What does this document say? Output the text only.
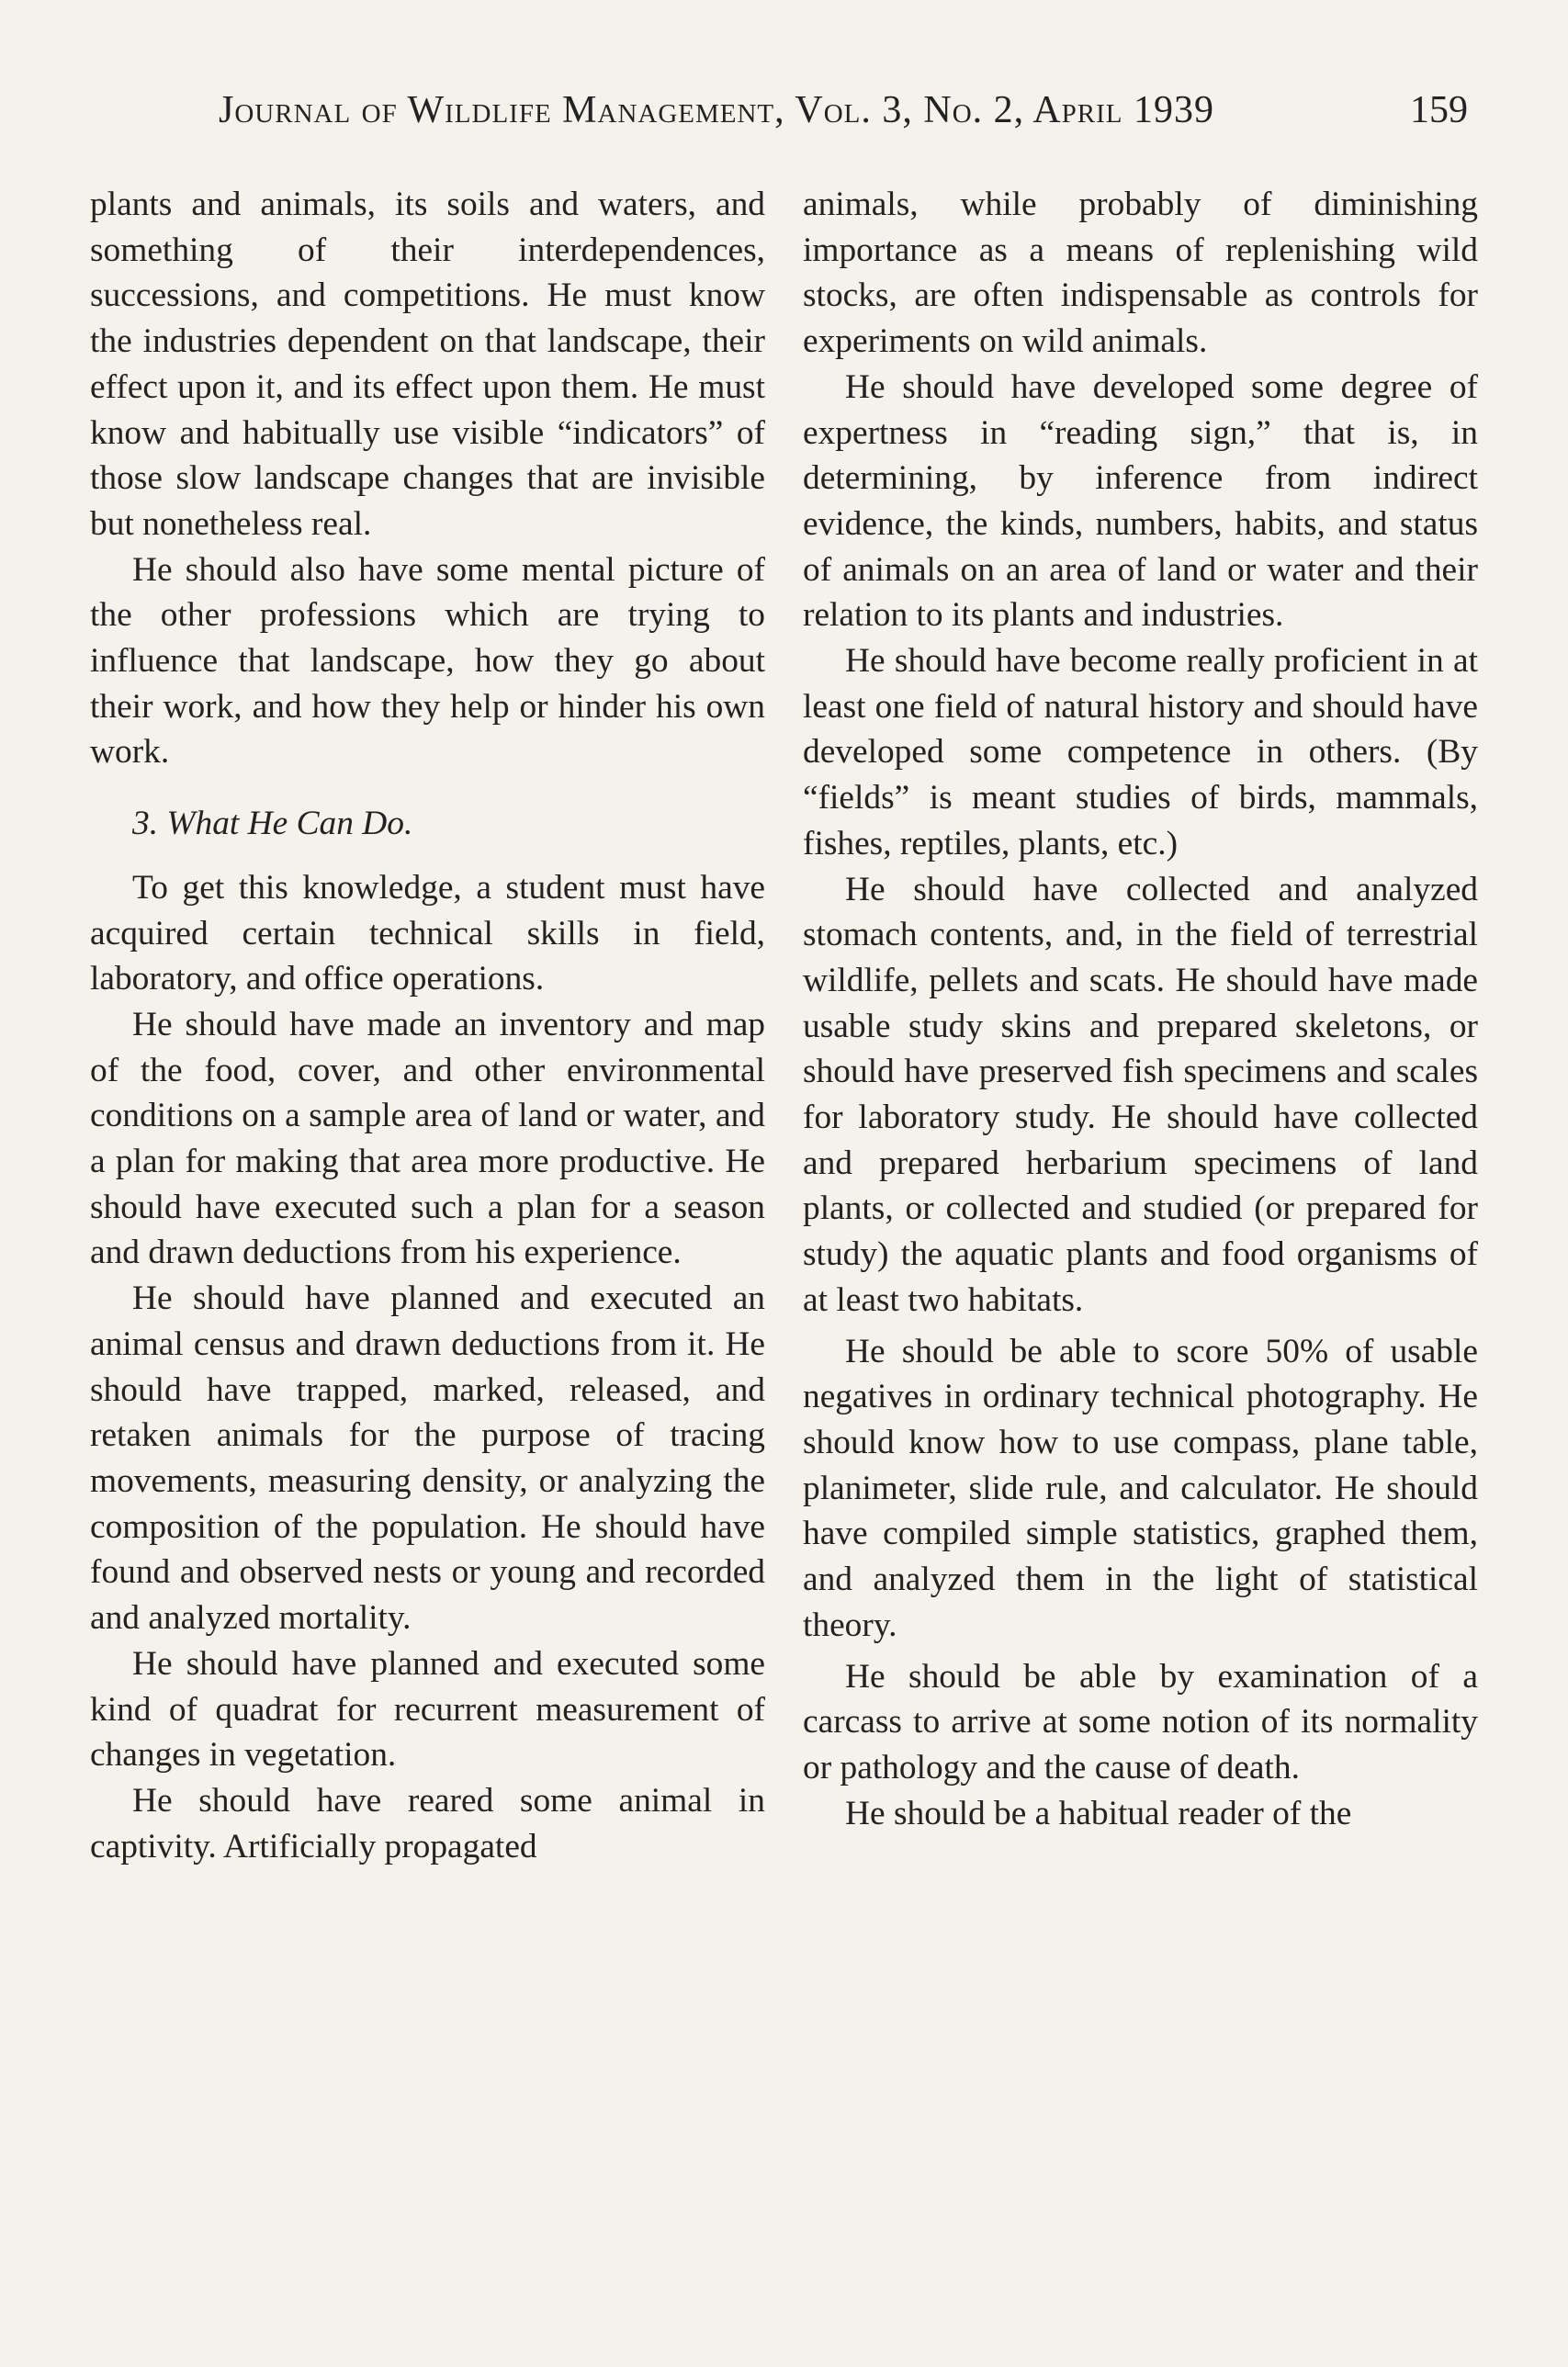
Journal of Wildlife Management, Vol. 3, No. 2, April 1939	159

plants and animals, its soils and waters, and something of their interdependences, successions, and competitions. He must know the industries dependent on that landscape, their effect upon it, and its effect upon them. He must know and habitually use visible “indicators” of those slow landscape changes that are invisible but nonetheless real.

He should also have some mental picture of the other professions which are trying to influence that landscape, how they go about their work, and how they help or hinder his own work.

3. What He Can Do.

To get this knowledge, a student must have acquired certain technical skills in field, laboratory, and office operations.

He should have made an inventory and map of the food, cover, and other environmental conditions on a sample area of land or water, and a plan for making that area more productive. He should have executed such a plan for a season and drawn deductions from his experience.

He should have planned and executed an animal census and drawn deductions from it. He should have trapped, marked, released, and retaken animals for the purpose of tracing movements, measuring density, or analyzing the composition of the population. He should have found and observed nests or young and recorded and analyzed mortality.

He should have planned and executed some kind of quadrat for recurrent measurement of changes in vegetation.

He should have reared some animal in captivity. Artificially propagated

animals, while probably of diminishing importance as a means of replenishing wild stocks, are often indispensable as controls for experiments on wild animals.

He should have developed some degree of expertness in “reading sign,” that is, in determining, by inference from indirect evidence, the kinds, numbers, habits, and status of animals on an area of land or water and their relation to its plants and industries.

He should have become really proficient in at least one field of natural history and should have developed some competence in others. (By “fields” is meant studies of birds, mammals, fishes, reptiles, plants, etc.)

He should have collected and analyzed stomach contents, and, in the field of terrestrial wildlife, pellets and scats. He should have made usable study skins and prepared skeletons, or should have preserved fish specimens and scales for laboratory study. He should have collected and prepared herbarium specimens of land plants, or collected and studied (or prepared for study) the aquatic plants and food organisms of at least two habitats.

He should be able to score 50% of usable negatives in ordinary technical photography. He should know how to use compass, plane table, planimeter, slide rule, and calculator. He should have compiled simple statistics, graphed them, and analyzed them in the light of statistical theory.

He should be able by examination of a carcass to arrive at some notion of its normality or pathology and the cause of death.

He should be a habitual reader of the
